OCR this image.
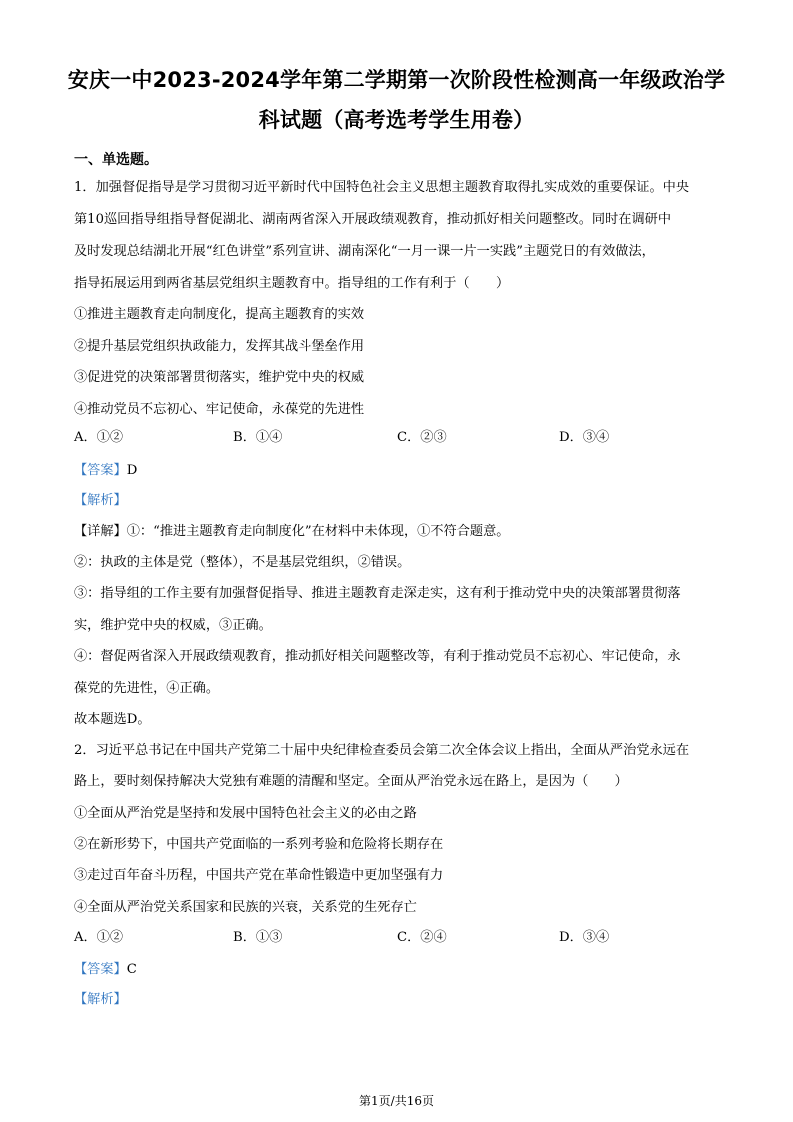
安庆一中2023-2024学年第二学期第一次阶段性检测高一年级政治学
科试题（高考选考学生用卷）
一、单选题。
1．加强督促指导是学习贯彻习近平新时代中国特色社会主义思想主题教育取得扎实成效的重要保证。中央
第10巡回指导组指导督促湖北、湖南两省深入开展政绩观教育，推动抓好相关问题整改。同时在调研中
及时发现总结湖北开展“红色讲堂”系列宣讲、湖南深化“一月一课一片一实践”主题党日的有效做法，
指导拓展运用到两省基层党组织主题教育中。指导组的工作有利于（　　）
①推进主题教育走向制度化，提高主题教育的实效
②提升基层党组织执政能力，发挥其战斗堡垒作用
③促进党的决策部署贯彻落实，维护党中央的权威
④推动党员不忘初心、牢记使命，永葆党的先进性
A．①②	B．①④	C．②③	D．③④
【答案】D
【解析】
【详解】①：“推进主题教育走向制度化”在材料中未体现，①不符合题意。
②：执政的主体是党（整体），不是基层党组织，②错误。
③：指导组的工作主要有加强督促指导、推进主题教育走深走实，这有利于推动党中央的决策部署贯彻落
实，维护党中央的权威，③正确。
④：督促两省深入开展政绩观教育，推动抓好相关问题整改等，有利于推动党员不忘初心、牢记使命，永
葆党的先进性，④正确。
故本题选D。
2．习近平总书记在中国共产党第二十届中央纪律检查委员会第二次全体会议上指出，全面从严治党永远在
路上，要时刻保持解决大党独有难题的清醒和坚定。全面从严治党永远在路上，是因为（　　）
①全面从严治党是坚持和发展中国特色社会主义的必由之路
②在新形势下，中国共产党面临的一系列考验和危险将长期存在
③走过百年奋斗历程，中国共产党在革命性锻造中更加坚强有力
④全面从严治党关系国家和民族的兴衰，关系党的生死存亡
A．①②	B．①③	C．②④	D．③④
【答案】C
【解析】
第1页/共16页
